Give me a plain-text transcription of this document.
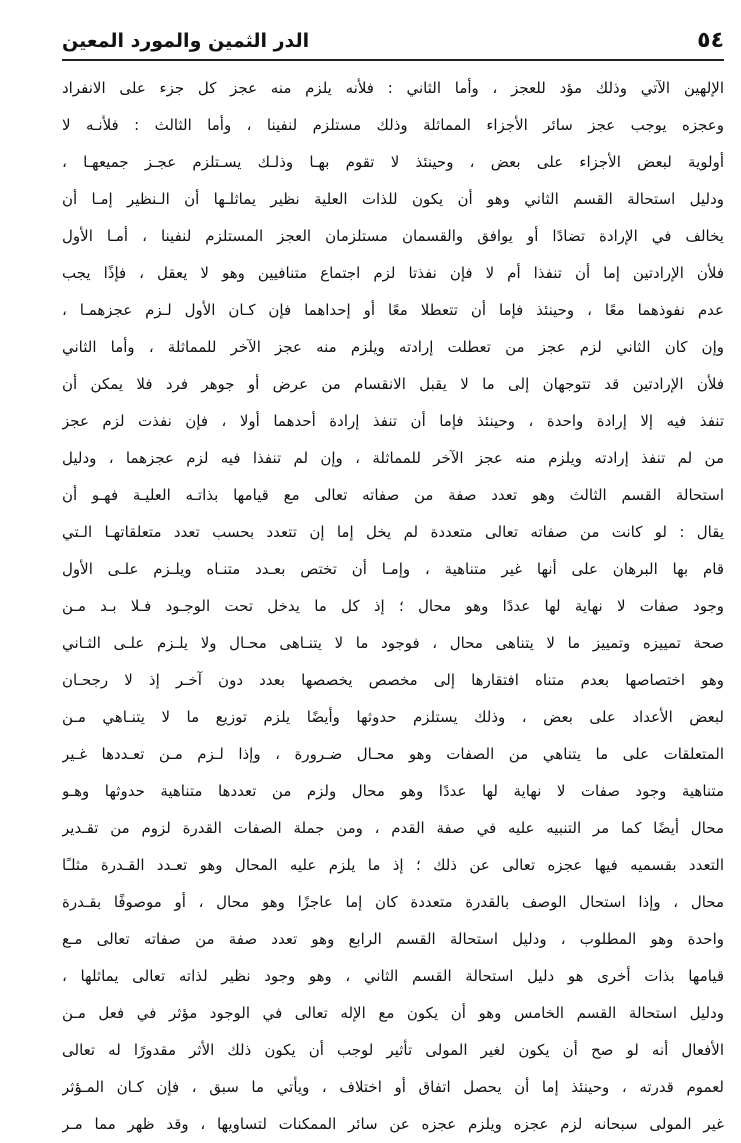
٥٤
الدر الثمين والمورد المعين
الإلهين الآتي وذلك مؤد للعجز ، وأما الثاني : فلأنه يلزم منه عجز كل جزء على الانفراد
وعجزه يوجب عجز سائر الأجزاء المماثلة وذلك مستلزم لنفينا ، وأما الثالث : فلأنـه لا
أولوية لبعض الأجزاء على بعض ، وحينئذ لا تقوم بهـا وذلـك يسـتلزم عجـز جميعهـا ،
ودليل استحالة القسم الثاني وهو أن يكون للذات العلية نظير يماثلـها أن الـنظير إمـا أن
يخالف في الإرادة تضادًا أو يوافق والقسمان مستلزمان العجز المستلزم لنفينا ، أمـا الأول
فلأن الإرادتين إما أن تنفذا أم لا فإن نفذتا لزم اجتماع متنافيين وهو لا يعقل ، فإذًا يجب
عدم نفوذهما معًا ، وحينئذ فإما أن تتعطلا معًا أو إحداهما فإن كـان الأول لـزم عجزهمـا ،
وإن كان الثاني لزم عجز من تعطلت إرادته ويلزم منه عجز الآخر للمماثلة ، وأما الثاني
فلأن الإرادتين قد تتوجهان إلى ما لا يقبل الانقسام من عرض أو جوهر فرد فلا يمكن أن
تنفذ فيه إلا إرادة واحدة ، وحينئذ فإما أن تنفذ إرادة أحدهما أولا ، فإن نفذت لزم عجز
من لم تنفذ إرادته ويلزم منه عجز الآخر للمماثلة ، وإن لم تنفذا فيه لزم عجزهما ، ودليل
استحالة القسم الثالث وهو تعدد صفة من صفاته تعالى مع قيامها بذاتـه العليـة فهـو أن
يقال : لو كانت من صفاته تعالى متعددة لم يخل إما إن تتعدد بحسب تعدد متعلقاتهـا الـتي
قام بها البرهان على أنها غير متناهية ، وإمـا أن تختص بعـدد متنـاه ويلـزم علـى الأول
وجود صفات لا نهاية لها عددًا وهو محال ؛ إذ كل ما يدخل تحت الوجـود فـلا بـد مـن
صحة تمييزه وتمييز ما لا يتناهى محال ، فوجود ما لا يتنـاهى محـال ولا يلـزم علـى الثـاني
وهو اختصاصها بعدم متناه افتقارها إلى مخصص يخصصها بعدد دون آخـر إذ لا رجحـان
لبعض الأعداد على بعض ، وذلك يستلزم حدوثها وأيضًا يلزم توزيع ما لا يتنـاهي مـن
المتعلقات على ما يتناهي من الصفات وهو محـال ضـرورة ، وإذا لـزم مـن تعـددها غـير
متناهية وجود صفات لا نهاية لها عددًا وهو محال ولزم من تعددها متناهية حدوثها وهـو
محال أيضًا كما مر التنبيه عليه في صفة القدم ، ومن جملة الصفات القدرة لزوم من تقـدير
التعدد بقسميه فيها عجزه تعالى عن ذلك ؛ إذ ما يلزم عليه المحال وهو تعـدد القـدرة مثلـًا
محال ، وإذا استحال الوصف بالقدرة متعددة كان إما عاجزًا وهو محال ، أو موصوفًا بقـدرة
واحدة وهو المطلوب ، ودليل استحالة القسم الرابع وهو تعدد صفة من صفاته تعالى مـع
قيامها بذات أخرى هو دليل استحالة القسم الثاني ، وهو وجود نظير لذاته تعالى يماثلها ،
ودليل استحالة القسم الخامس وهو أن يكون مع الإله تعالى في الوجود مؤثر في فعل مـن
الأفعال أنه لو صح أن يكون لغير المولى تأثير لوجب أن يكون ذلك الأثر مقدورًا له تعالى
لعموم قدرته ، وحينئذ إما أن يحصل اتفاق أو اختلاف ، ويأتي ما سبق ، فإن كـان المـؤثر
غير المولى سبحانه لزم عجزه ويلزم عجزه عن سائر الممكنات لتساويها ، وقد ظهر مما مـر
